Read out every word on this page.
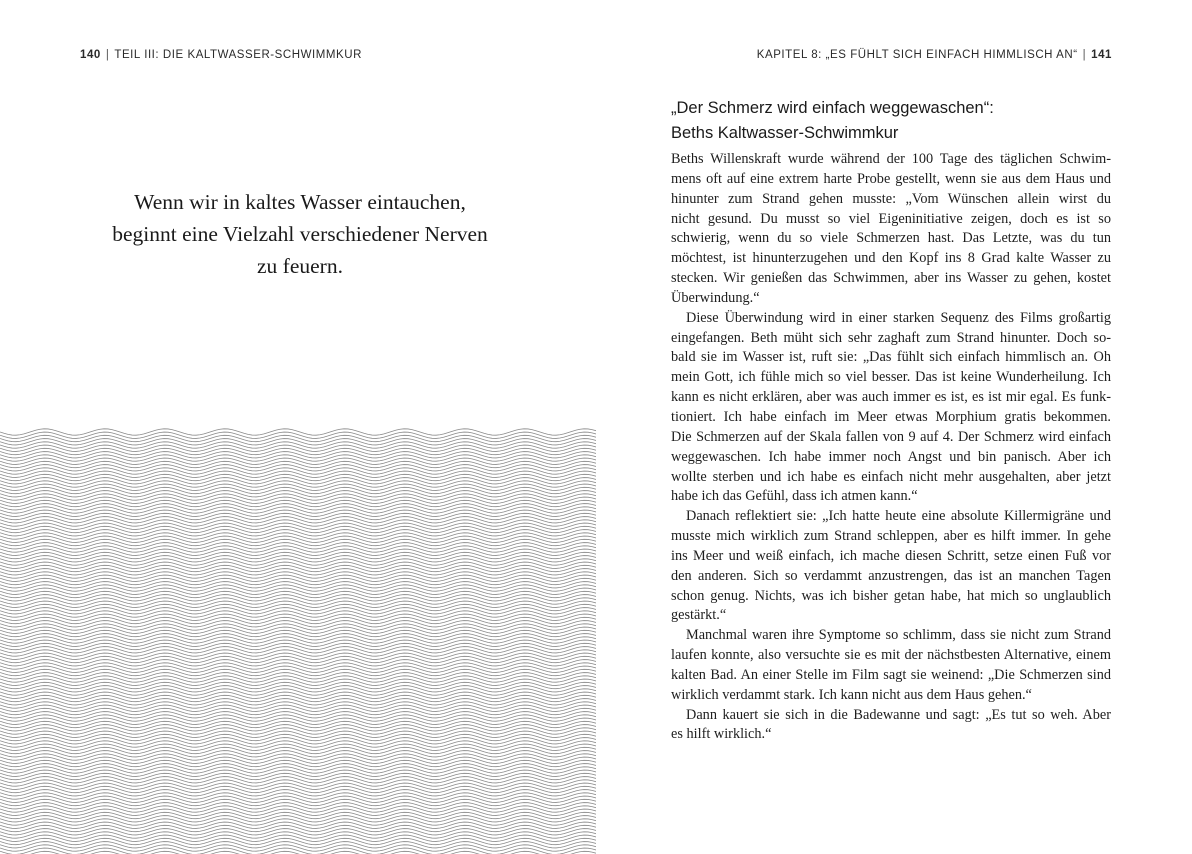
140 | TEIL III: DIE KALTWASSER-SCHWIMMKUR
Wenn wir in kaltes Wasser eintauchen,
beginnt eine Vielzahl verschiedener Nerven
zu feuern.
KAPITEL 8: „ES FÜHLT SICH EINFACH HIMMLISCH AN“ | 141
„Der Schmerz wird einfach weggewaschen“:
Beths Kaltwasser-Schwimmkur
Beths Willenskraft wurde während der 100 Tage des täglichen Schwim-
mens oft auf eine extrem harte Probe gestellt, wenn sie aus dem Haus und
hinunter zum Strand gehen musste: „Vom Wünschen allein wirst du
nicht gesund. Du musst so viel Eigeninitiative zeigen, doch es ist so
schwierig, wenn du so viele Schmerzen hast. Das Letzte, was du tun
möchtest, ist hinunterzugehen und den Kopf ins 8 Grad kalte Wasser zu
stecken. Wir genießen das Schwimmen, aber ins Wasser zu gehen, kostet
Überwindung.“
Diese Überwindung wird in einer starken Sequenz des Films großartig
eingefangen. Beth müht sich sehr zaghaft zum Strand hinunter. Doch so-
bald sie im Wasser ist, ruft sie: „Das fühlt sich einfach himmlisch an. Oh
mein Gott, ich fühle mich so viel besser. Das ist keine Wunderheilung. Ich
kann es nicht erklären, aber was auch immer es ist, es ist mir egal. Es funk-
tioniert. Ich habe einfach im Meer etwas Morphium gratis bekommen.
Die Schmerzen auf der Skala fallen von 9 auf 4. Der Schmerz wird einfach
weggewaschen. Ich habe immer noch Angst und bin panisch. Aber ich
wollte sterben und ich habe es einfach nicht mehr ausgehalten, aber jetzt
habe ich das Gefühl, dass ich atmen kann.“
Danach reflektiert sie: „Ich hatte heute eine absolute Killermigräne und
musste mich wirklich zum Strand schleppen, aber es hilft immer. In gehe
ins Meer und weiß einfach, ich mache diesen Schritt, setze einen Fuß vor
den anderen. Sich so verdammt anzustrengen, das ist an manchen Tagen
schon genug. Nichts, was ich bisher getan habe, hat mich so unglaublich
gestärkt.“
Manchmal waren ihre Symptome so schlimm, dass sie nicht zum Strand
laufen konnte, also versuchte sie es mit der nächstbesten Alternative, einem
kalten Bad. An einer Stelle im Film sagt sie weinend: „Die Schmerzen sind
wirklich verdammt stark. Ich kann nicht aus dem Haus gehen.“
Dann kauert sie sich in die Badewanne und sagt: „Es tut so weh. Aber
es hilft wirklich.“
